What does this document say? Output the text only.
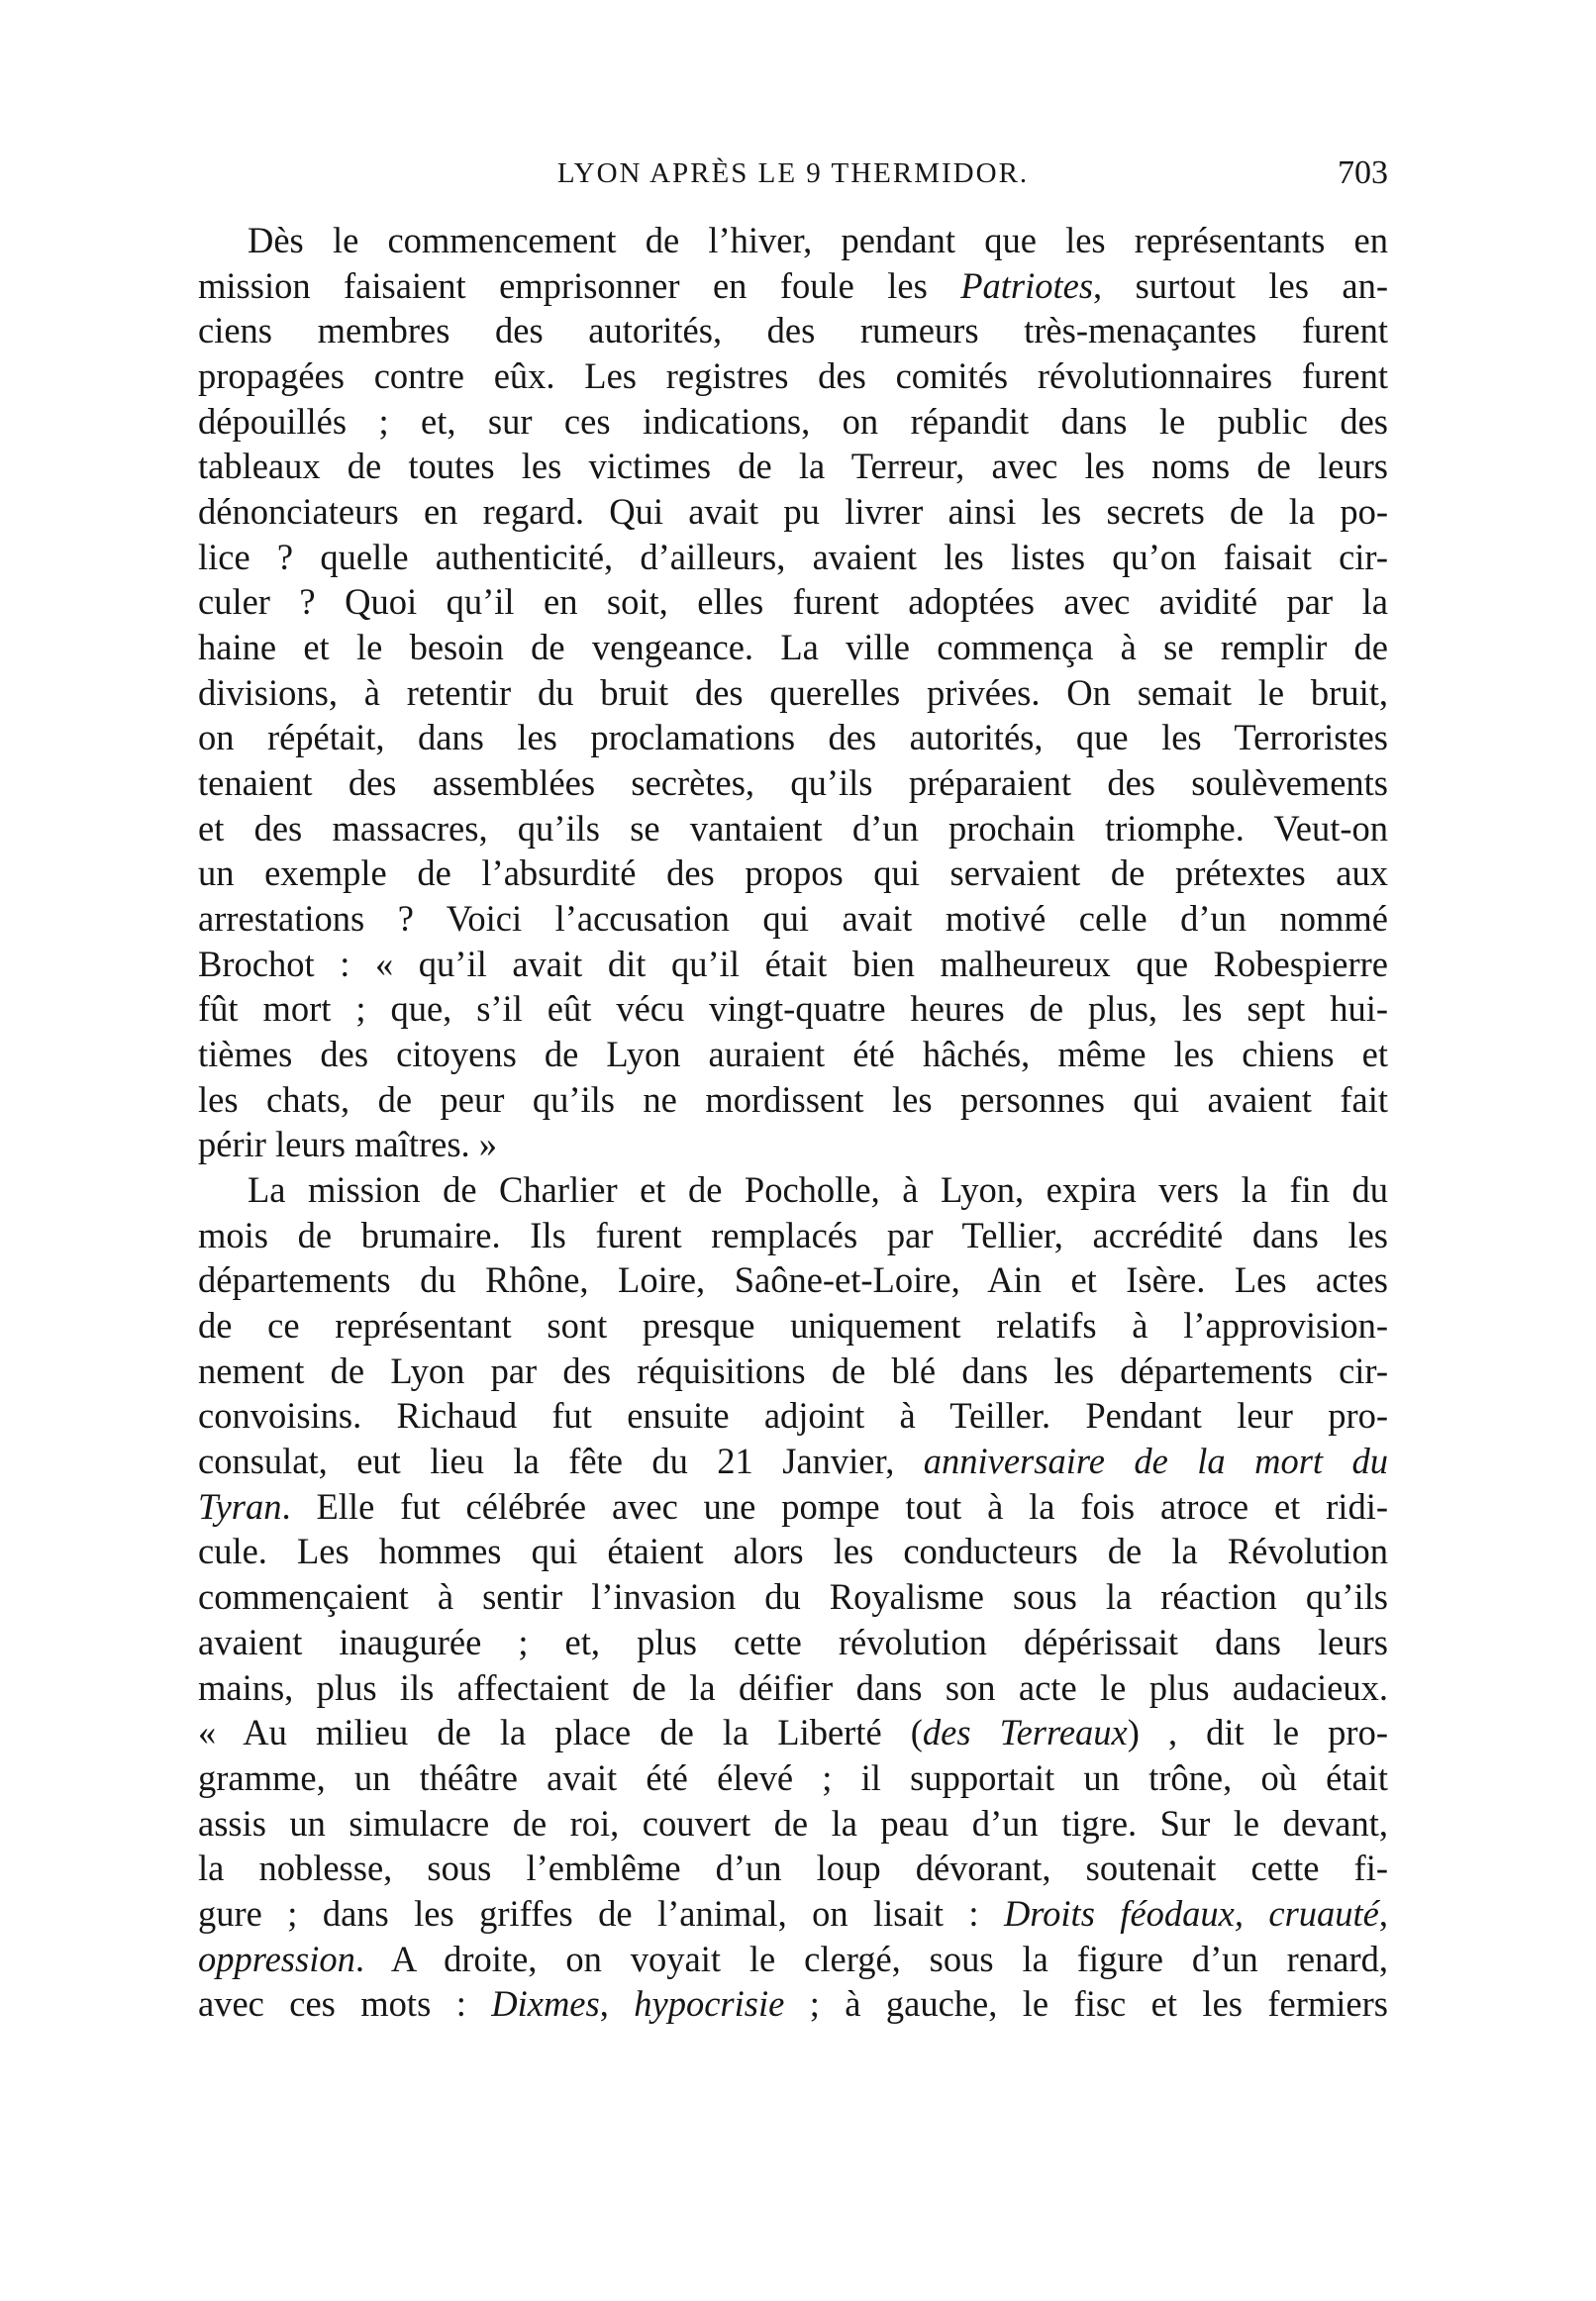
LYON APRÈS LE 9 THERMIDOR.	703
Dès le commencement de l’hiver, pendant que les représentants en
mission faisaient emprisonner en foule les Patriotes, surtout les an-
ciens membres des autorités, des rumeurs très-menaçantes furent
propagées contre eûx. Les registres des comités révolutionnaires furent
dépouillés ; et, sur ces indications, on répandit dans le public des
tableaux de toutes les victimes de la Terreur, avec les noms de leurs
dénonciateurs en regard. Qui avait pu livrer ainsi les secrets de la po-
lice ? quelle authenticité, d’ailleurs, avaient les listes qu’on faisait cir-
culer ? Quoi qu’il en soit, elles furent adoptées avec avidité par la
haine et le besoin de vengeance. La ville commença à se remplir de
divisions, à retentir du bruit des querelles privées. On semait le bruit,
on répétait, dans les proclamations des autorités, que les Terroristes
tenaient des assemblées secrètes, qu’ils préparaient des soulèvements
et des massacres, qu’ils se vantaient d’un prochain triomphe. Veut-on
un exemple de l’absurdité des propos qui servaient de prétextes aux
arrestations ? Voici l’accusation qui avait motivé celle d’un nommé
Brochot : « qu’il avait dit qu’il était bien malheureux que Robespierre
fût mort ; que, s’il eût vécu vingt-quatre heures de plus, les sept hui-
tièmes des citoyens de Lyon auraient été hâchés, même les chiens et
les chats, de peur qu’ils ne mordissent les personnes qui avaient fait
périr leurs maîtres. »
La mission de Charlier et de Pocholle, à Lyon, expira vers la fin du
mois de brumaire. Ils furent remplacés par Tellier, accrédité dans les
départements du Rhône, Loire, Saône-et-Loire, Ain et Isère. Les actes
de ce représentant sont presque uniquement relatifs à l’approvision-
nement de Lyon par des réquisitions de blé dans les départements cir-
convoisins. Richaud fut ensuite adjoint à Teiller. Pendant leur pro-
consulat, eut lieu la fête du 21 Janvier, anniversaire de la mort du
Tyran. Elle fut célébrée avec une pompe tout à la fois atroce et ridi-
cule. Les hommes qui étaient alors les conducteurs de la Révolution
commençaient à sentir l’invasion du Royalisme sous la réaction qu’ils
avaient inaugurée ; et, plus cette révolution dépérissait dans leurs
mains, plus ils affectaient de la déifier dans son acte le plus audacieux.
« Au milieu de la place de la Liberté (des Terreaux) , dit le pro-
gramme, un théâtre avait été élevé ; il supportait un trône, où était
assis un simulacre de roi, couvert de la peau d’un tigre. Sur le devant,
la noblesse, sous l’emblême d’un loup dévorant, soutenait cette fi-
gure ; dans les griffes de l’animal, on lisait : Droits féodaux, cruauté,
oppression. A droite, on voyait le clergé, sous la figure d’un renard,
avec ces mots : Dixmes, hypocrisie ; à gauche, le fisc et les fermiers
